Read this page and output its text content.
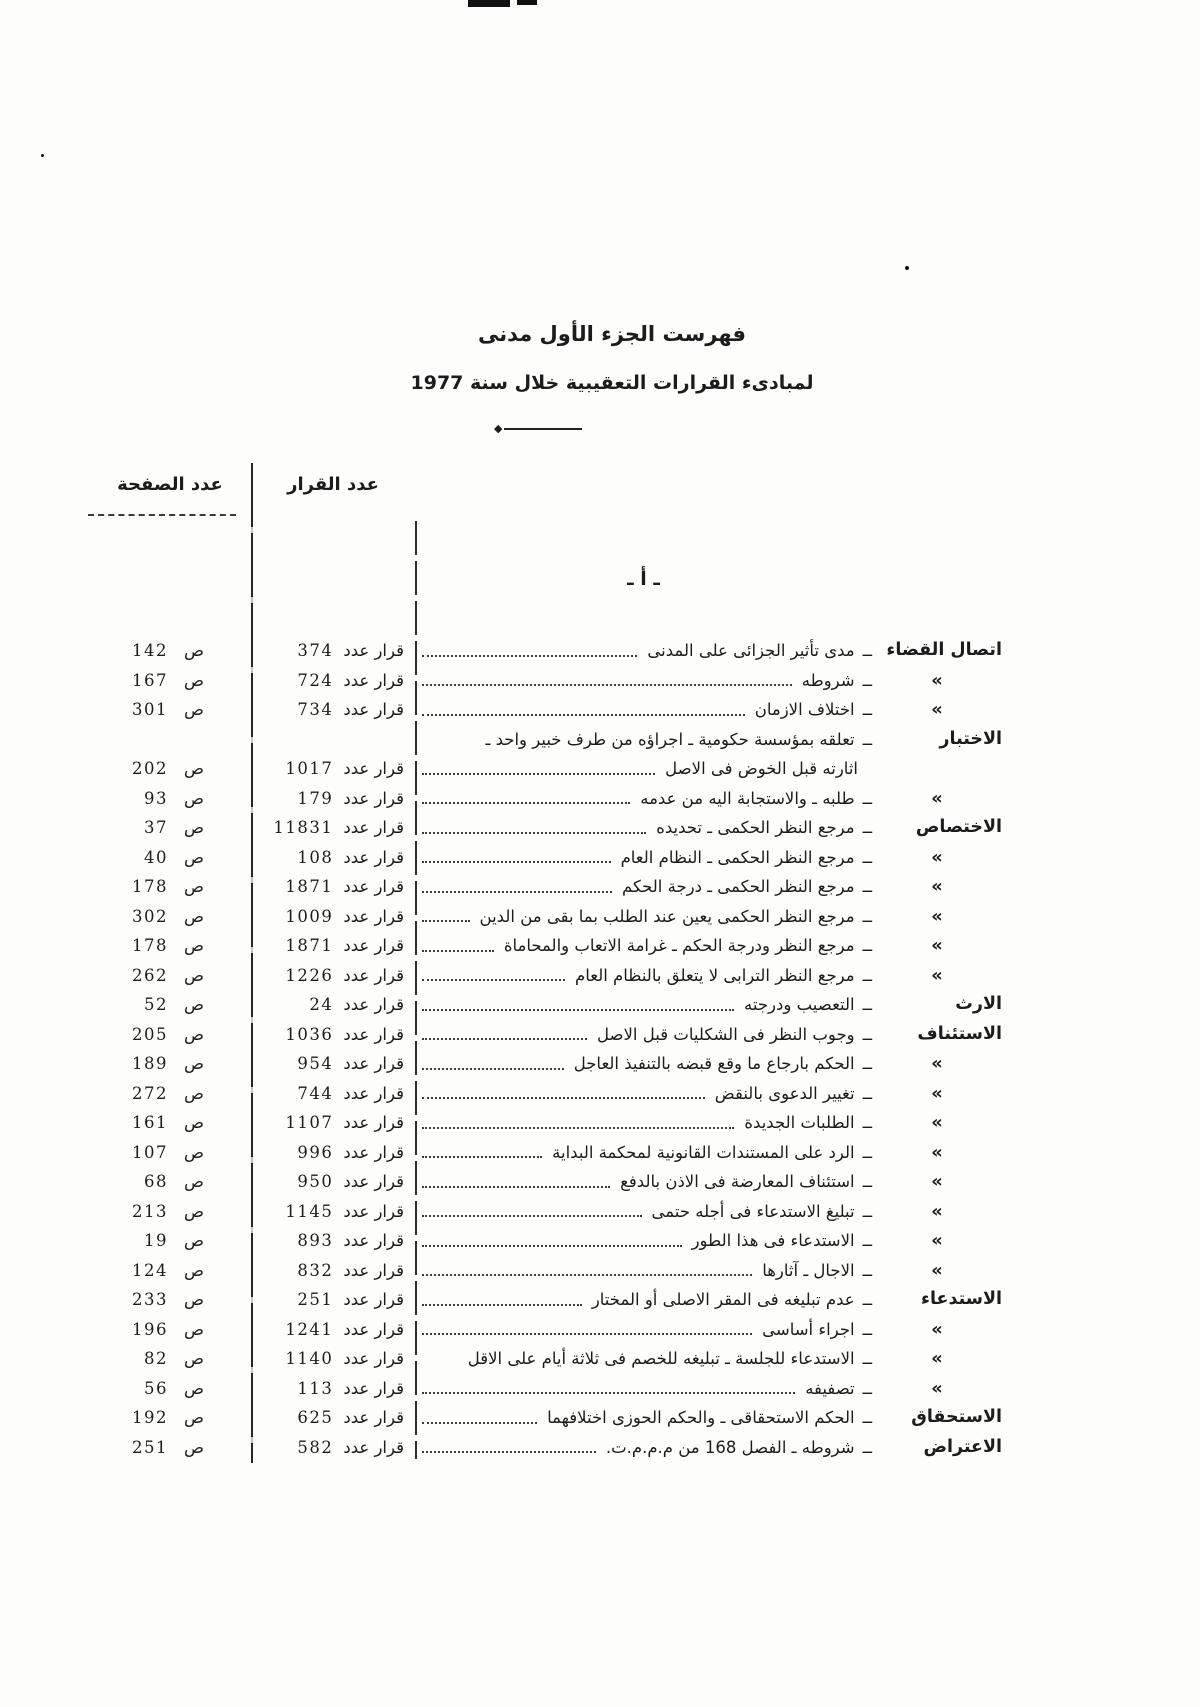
فهرست الجزء الأول مدنى
لمبادىء القرارات التعقيبية خلال سنة 1977
◆
عدد القرار
عدد الصفحة
ـ أ ـ
اتصال القضاء
ــ
مدى تأثير الجزائى على المدنى
قرار عدد
374
ص
142
»
ــ
شروطه
قرار عدد
724
ص
167
»
ــ
اختلاف الازمان
قرار عدد
734
ص
301
الاختبار
ــ
تعلقه بمؤسسة حكومية ـ اجراؤه من طرف خبير واحد ـ
اثارته قبل الخوض فى الاصل
قرار عدد
1017
ص
202
»
ــ
طلبه ـ والاستجابة اليه من عدمه
قرار عدد
179
ص
93
الاختصاص
ــ
مرجع النظر الحكمى ـ تحديده
قرار عدد
11831
ص
37
»
ــ
مرجع النظر الحكمى ـ النظام العام
قرار عدد
108
ص
40
»
ــ
مرجع النظر الحكمى ـ درجة الحكم
قرار عدد
1871
ص
178
»
ــ
مرجع النظر الحكمى يعين عند الطلب بما بقى من الدين
قرار عدد
1009
ص
302
»
ــ
مرجع النظر ودرجة الحكم ـ غرامة الاتعاب والمحاماة
قرار عدد
1871
ص
178
»
ــ
مرجع النظر الترابى لا يتعلق بالنظام العام
قرار عدد
1226
ص
262
الارث
ــ
التعصيب ودرجته
قرار عدد
24
ص
52
الاستئناف
ــ
وجوب النظر فى الشكليات قبل الاصل
قرار عدد
1036
ص
205
»
ــ
الحكم بارجاع ما وقع قبضه بالتنفيذ العاجل
قرار عدد
954
ص
189
»
ــ
تغيير الدعوى بالنقض
قرار عدد
744
ص
272
»
ــ
الطلبات الجديدة
قرار عدد
1107
ص
161
»
ــ
الرد على المستندات القانونية لمحكمة البداية
قرار عدد
996
ص
107
»
ــ
استئناف المعارضة فى الاذن بالدفع
قرار عدد
950
ص
68
»
ــ
تبليغ الاستدعاء فى أجله حتمى
قرار عدد
1145
ص
213
»
ــ
الاستدعاء فى هذا الطور
قرار عدد
893
ص
19
»
ــ
الاجال ـ آثارها
قرار عدد
832
ص
124
الاستدعاء
ــ
عدم تبليغه فى المقر الاصلى أو المختار
قرار عدد
251
ص
233
»
ــ
اجراء أساسى
قرار عدد
1241
ص
196
»
ــ
الاستدعاء للجلسة ـ تبليغه للخصم فى ثلاثة أيام على الاقل
قرار عدد
1140
ص
82
»
ــ
تصفيفه
قرار عدد
113
ص
56
الاستحقاق
ــ
الحكم الاستحقاقى ـ والحكم الحوزى اختلافهما
قرار عدد
625
ص
192
الاعتراض
ــ
شروطه ـ الفصل 168 من م.م.م.ت.
قرار عدد
582
ص
251
